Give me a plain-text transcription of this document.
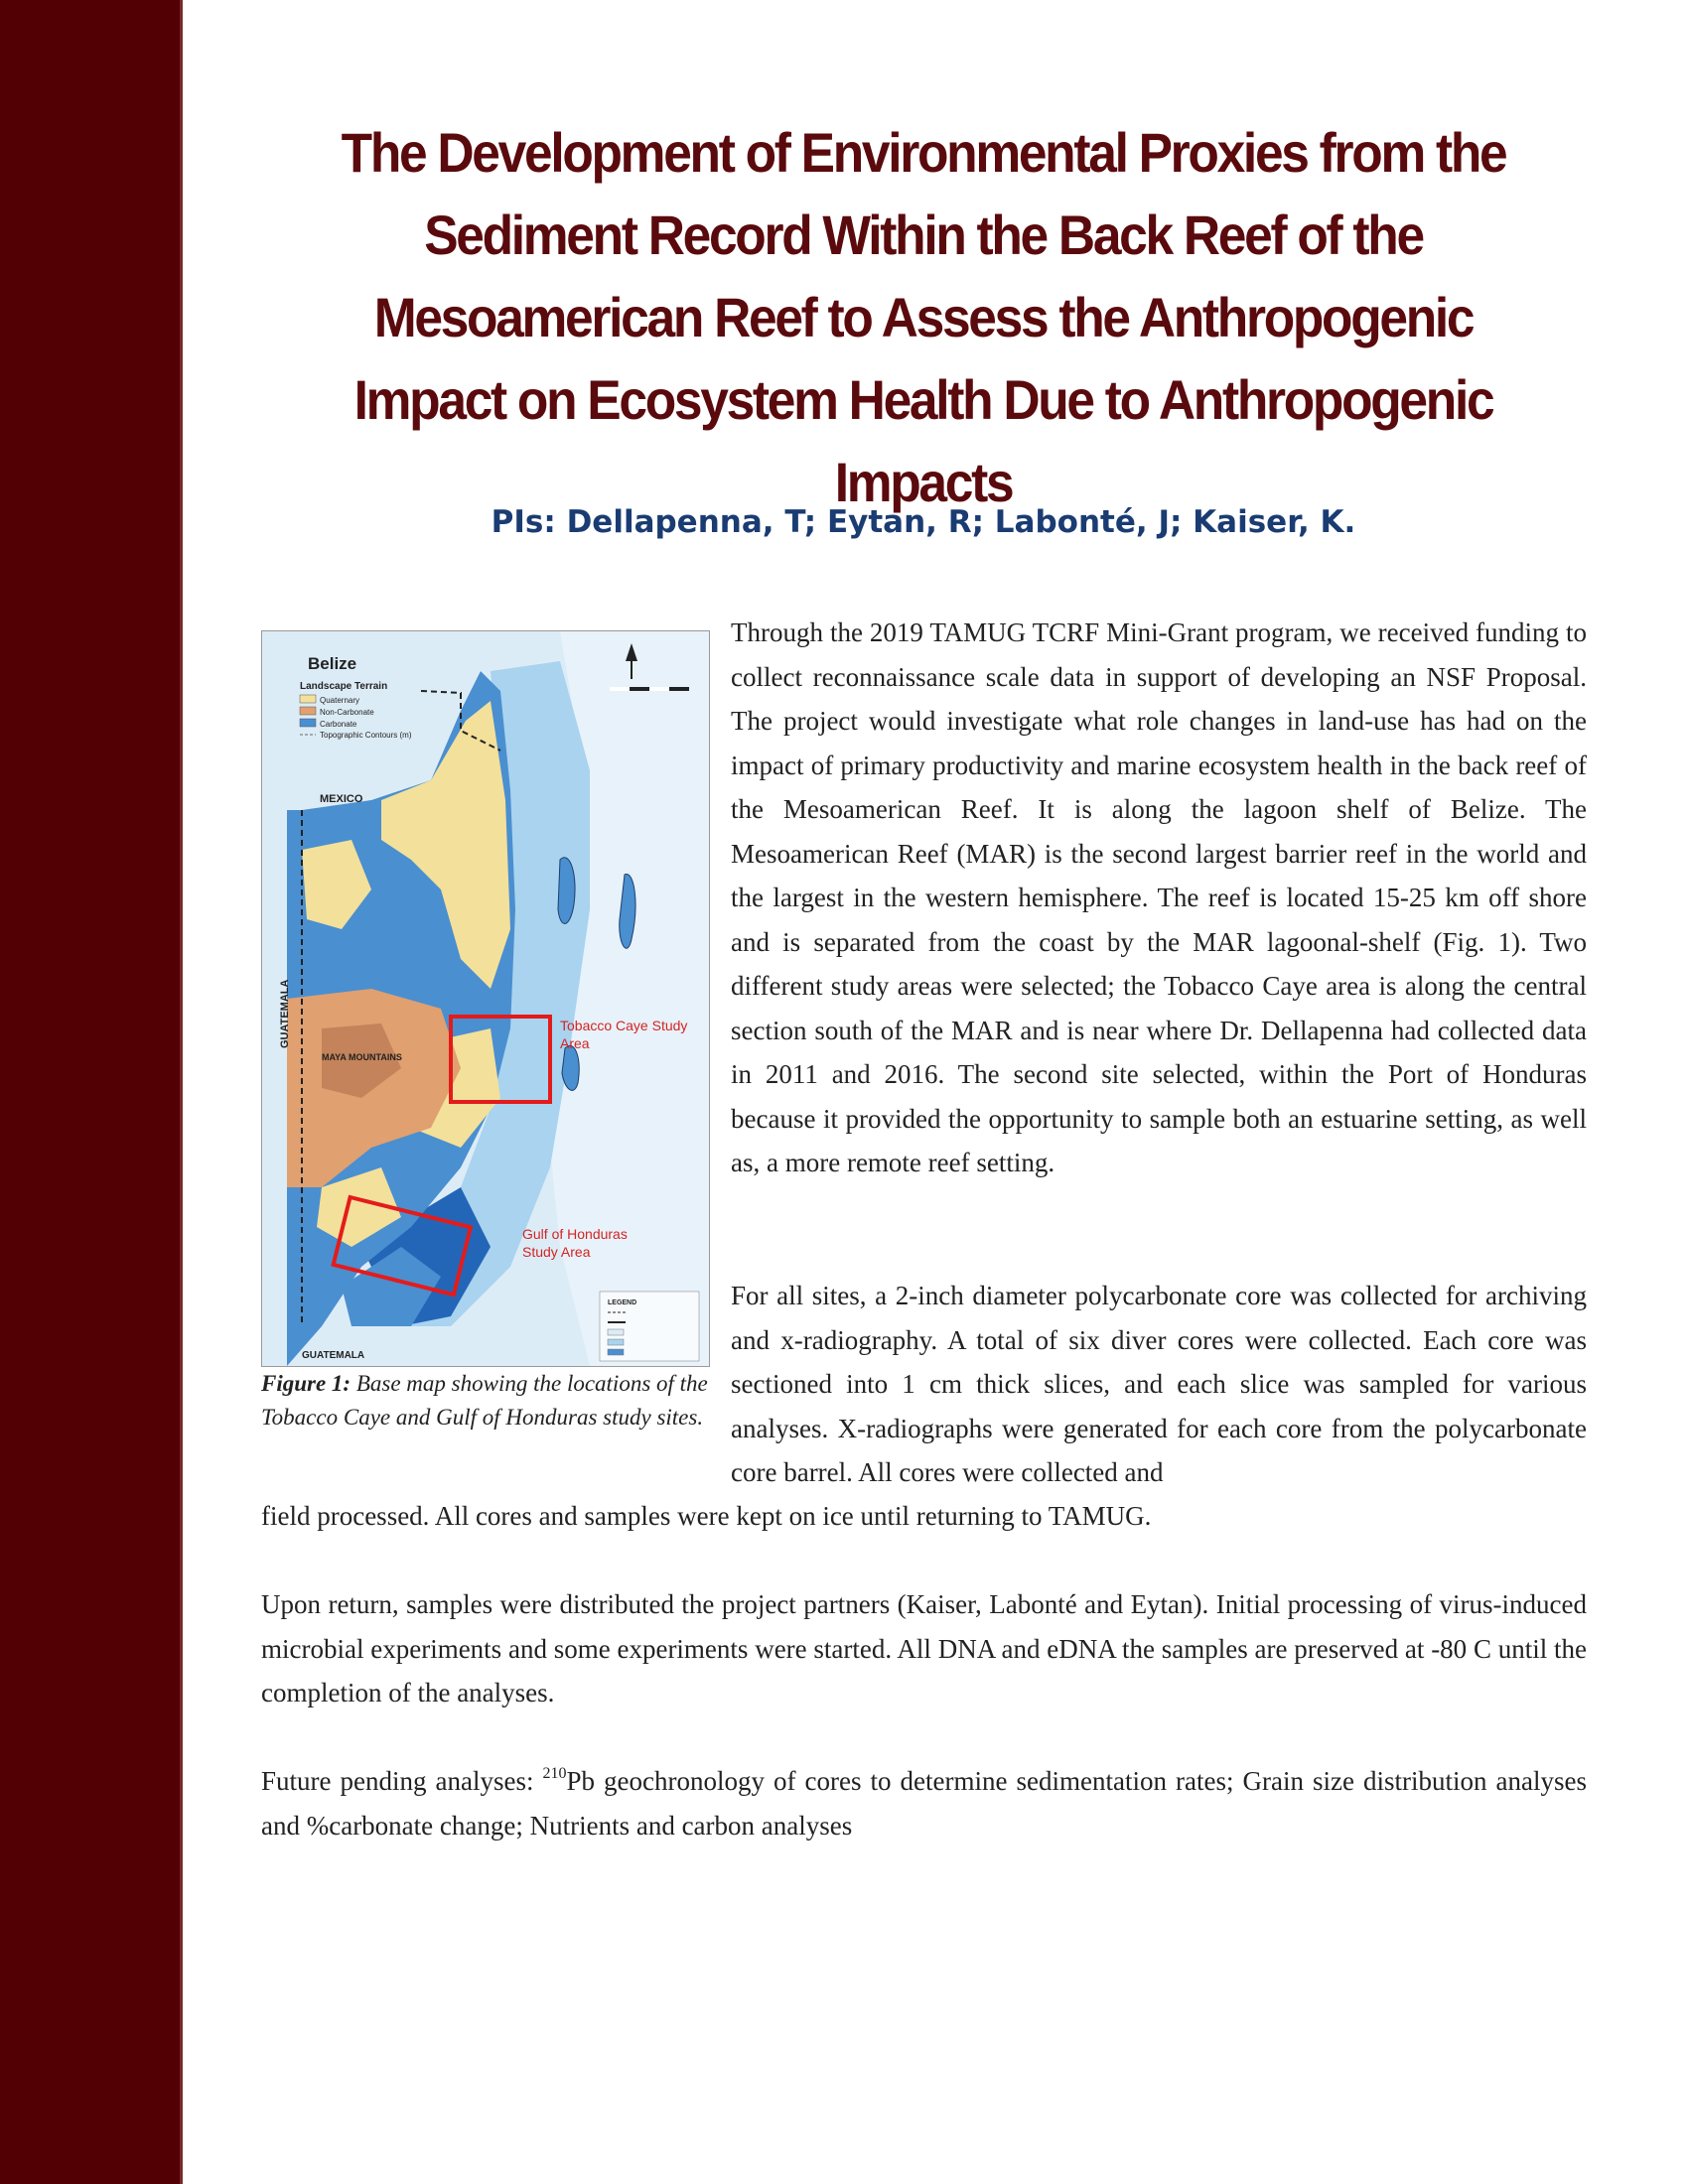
The Development of Environmental Proxies from the Sediment Record Within the Back Reef of the Mesoamerican Reef to Assess the Anthropogenic Impact on Ecosystem Health Due to Anthropogenic Impacts
PIs: Dellapenna, T; Eytan, R; Labonté, J; Kaiser, K.
Belize
Landscape Terrain
Quaternary
Non-Carbonate
Carbonate
Topographic Contours (m)
MEXICO
GUATEMALA
MAYA MOUNTAINS
GUATEMALA
Tobacco Caye Study Area
Gulf of Honduras Study Area
LEGEND
Figure 1: Base map showing the locations of the Tobacco Caye and Gulf of Honduras study sites.

Through the 2019 TAMUG TCRF Mini-Grant program, we received funding to collect reconnaissance scale data in support of developing an NSF Proposal. The project would investigate what role changes in land-use has had on the impact of primary productivity and marine ecosystem health in the back reef of the Mesoamerican Reef. It is along the lagoon shelf of Belize. The Mesoamerican Reef (MAR) is the second largest barrier reef in the world and the largest in the western hemisphere. The reef is located 15-25 km off shore and is separated from the coast by the MAR lagoonal-shelf (Fig. 1). Two different study areas were selected; the Tobacco Caye area is along the central section south of the MAR and is near where Dr. Dellapenna had collected data in 2011 and 2016. The second site selected, within the Port of Honduras because it provided the opportunity to sample both an estuarine setting, as well as, a more remote reef setting.

For all sites, a 2-inch diameter polycarbonate core was collected for archiving and x-radiography. A total of six diver cores were collected. Each core was sectioned into 1 cm thick slices, and each slice was sampled for various analyses. X-radiographs were generated for each core from the polycarbonate core barrel. All cores were collected and

field processed. All cores and samples were kept on ice until returning to TAMUG.

Upon return, samples were distributed the project partners (Kaiser, Labonté and Eytan). Initial processing of virus-induced microbial experiments and some experiments were started. All DNA and eDNA the samples are preserved at -80 C until the completion of the analyses.

Future pending analyses: $^{210}$Pb geochronology of cores to determine sedimentation rates; Grain size distribution analyses and %carbonate change; Nutrients and carbon analyses
